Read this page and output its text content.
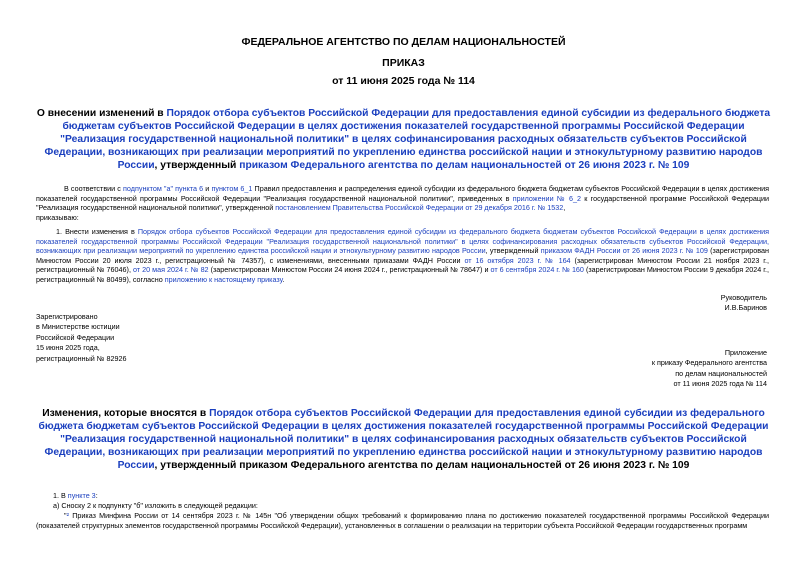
ФЕДЕРАЛЬНОЕ АГЕНТСТВО ПО ДЕЛАМ НАЦИОНАЛЬНОСТЕЙ
ПРИКАЗ
от 11 июня 2025 года № 114
О внесении изменений в Порядок отбора субъектов Российской Федерации для предоставления единой субсидии из федерального бюджета бюджетам субъектов Российской Федерации в целях достижения показателей государственной программы Российской Федерации "Реализация государственной национальной политики" в целях софинансирования расходных обязательств субъектов Российской Федерации, возникающих при реализации мероприятий по укреплению единства российской нации и этнокультурному развитию народов России, утвержденный приказом Федерального агентства по делам национальностей от 26 июня 2023 г. № 109
В соответствии с подпунктом "а" пункта 6 и пунктом 6_1 Правил предоставления и распределения единой субсидии из федерального бюджета бюджетам субъектов Российской Федерации в целях достижения показателей государственной программы Российской Федерации "Реализация государственной национальной политики", приведенных в приложении № 6_2 к государственной программе Российской Федерации "Реализация государственной национальной политики", утвержденной постановлением Правительства Российской Федерации от 29 декабря 2016 г. № 1532,
приказываю:
1. Внести изменения в Порядок отбора субъектов Российской Федерации для предоставления единой субсидии из федерального бюджета бюджетам субъектов Российской Федерации в целях достижения показателей государственной программы Российской Федерации "Реализация государственной национальной политики" в целях софинансирования расходных обязательств субъектов Российской Федерации, возникающих при реализации мероприятий по укреплению единства российской нации и этнокультурному развитию народов России, утвержденный приказом ФАДН России от 26 июня 2023 г. № 109 (зарегистрирован Минюстом России 20 июля 2023 г., регистрационный № 74357), с изменениями, внесенными приказами ФАДН России от 16 октября 2023 г. № 164 (зарегистрирован Минюстом России 21 ноября 2023 г., регистрационный № 76046), от 20 мая 2024 г. № 82 (зарегистрирован Минюстом России 24 июня 2024 г., регистрационный № 78647) и от 6 сентября 2024 г. № 160 (зарегистрирован Минюстом России 9 декабря 2024 г., регистрационный № 80499), согласно приложению к настоящему приказу.
Руководитель
И.В.Баринов
Зарегистрировано
в Министерстве юстиции
Российской Федерации
15 июня 2025 года,
регистрационный № 82926
Приложение
к приказу Федерального агентства
по делам национальностей
от 11 июня 2025 года № 114
Изменения, которые вносятся в Порядок отбора субъектов Российской Федерации для предоставления единой субсидии из федерального бюджета бюджетам субъектов Российской Федерации в целях достижения показателей государственной программы Российской Федерации "Реализация государственной национальной политики" в целях софинансирования расходных обязательств субъектов Российской Федерации, возникающих при реализации мероприятий по укреплению единства российской нации и этнокультурному развитию народов России, утвержденный приказом Федерального агентства по делам национальностей от 26 июня 2023 г. № 109
1. В пункте 3:
а) Сноску 2 к подпункту "б" изложить в следующей редакции:
"² Приказ Минфина России от 14 сентября 2023 г. № 145н "Об утверждении общих требований к формированию плана по достижению показателей государственной программы Российской Федерации (показателей структурных элементов государственной программы Российской Федерации), установленных в соглашении о реализации на территории субъекта Российской Федерации государственных программ
